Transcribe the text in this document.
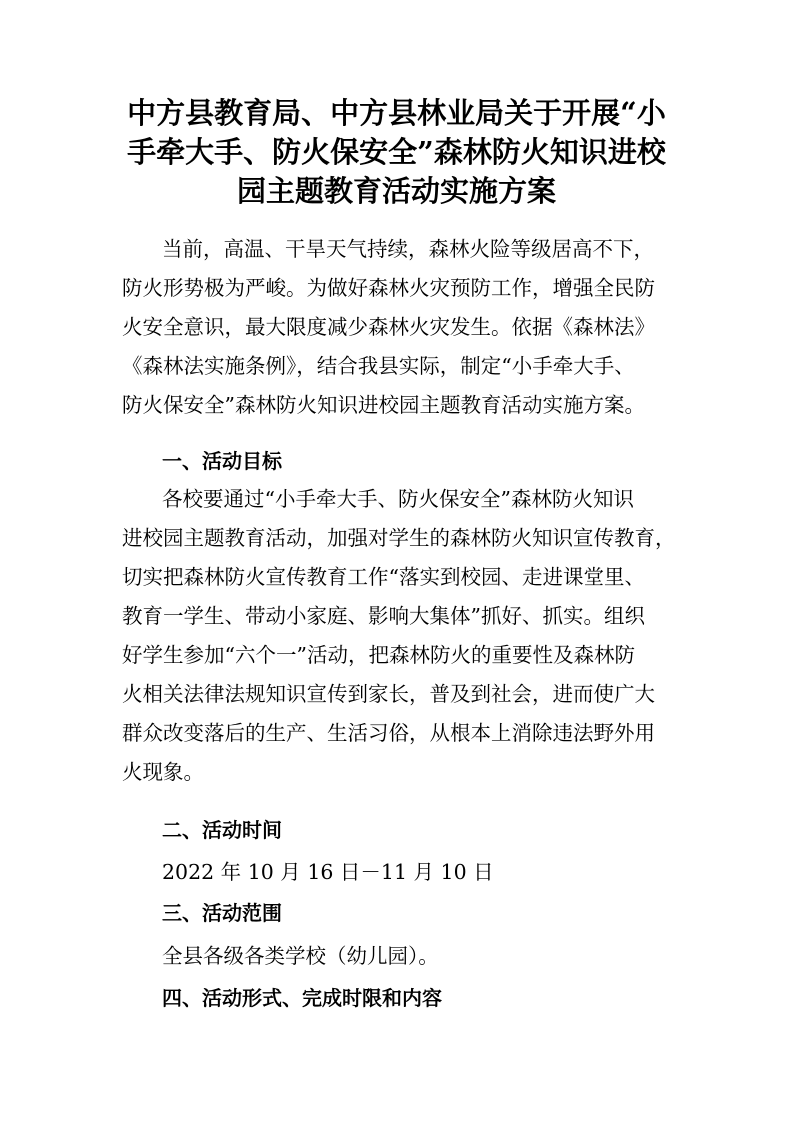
中方县教育局、中方县林业局关于开展“小
手牵大手、防火保安全”森林防火知识进校
园主题教育活动实施方案
当前，高温、干旱天气持续，森林火险等级居高不下，
防火形势极为严峻。为做好森林火灾预防工作，增强全民防
火安全意识，最大限度减少森林火灾发生。依据《森林法》
《森林法实施条例》，结合我县实际，制定“小手牵大手、
防火保安全”森林防火知识进校园主题教育活动实施方案。
一、活动目标
各校要通过“小手牵大手、防火保安全”森林防火知识
进校园主题教育活动，加强对学生的森林防火知识宣传教育，
切实把森林防火宣传教育工作“落实到校园、走进课堂里、
教育一学生、带动小家庭、影响大集体”抓好、抓实。组织
好学生参加“六个一”活动，把森林防火的重要性及森林防
火相关法律法规知识宣传到家长，普及到社会，进而使广大
群众改变落后的生产、生活习俗，从根本上消除违法野外用
火现象。
二、活动时间
2022 年 10 月 16 日－11 月 10 日
三、活动范围
全县各级各类学校（幼儿园）。
四、活动形式、完成时限和内容
